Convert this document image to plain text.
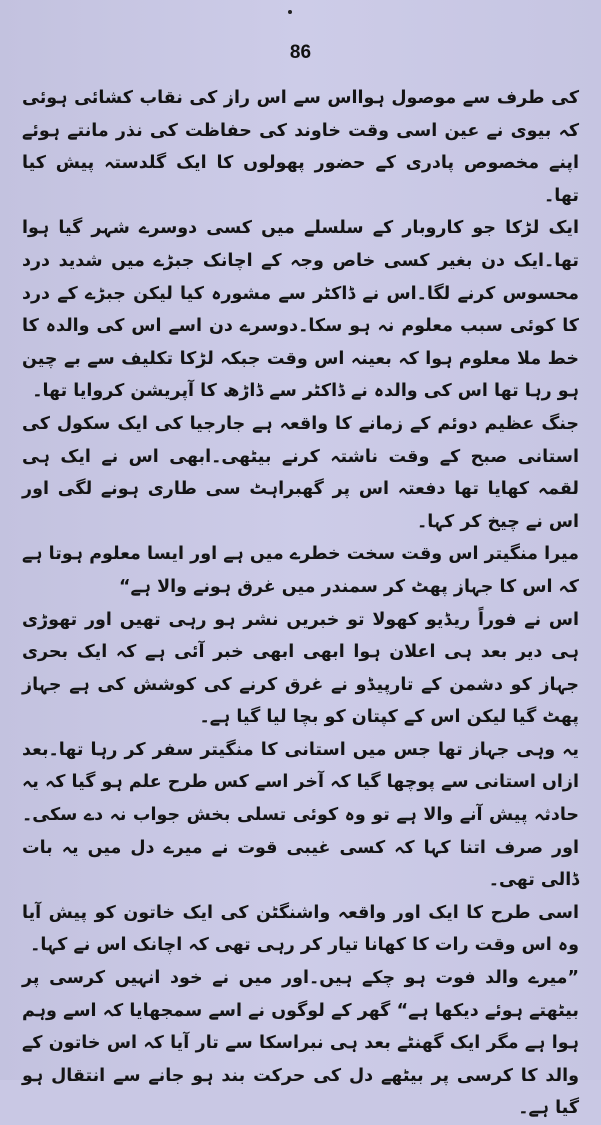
86

کی طرف سے موصول ہوااس سے اس راز کی نقاب کشائی ہوئی کہ بیوی نے عین اسی وقت خاوند کی حفاظت کی نذر مانتے ہوئے اپنے مخصوص پادری کے حضور پھولوں کا ایک گلدستہ پیش کیا تھا۔

ایک لڑکا جو کاروبار کے سلسلے میں کسی دوسرے شہر گیا ہوا تھا۔ایک دن بغیر کسی خاص وجہ کے اچانک جبڑے میں شدید درد محسوس کرنے لگا۔اس نے ڈاکٹر سے مشورہ کیا لیکن جبڑے کے درد کا کوئی سبب معلوم نہ ہو سکا۔دوسرے دن اسے اس کی والدہ کا خط ملا معلوم ہوا کہ بعینہ اس وقت جبکہ لڑکا تکلیف سے بے چین ہو رہا تھا اس کی والدہ نے ڈاکٹر سے ڈاڑھ کا آپریشن کروایا تھا۔

جنگ عظیم دوئم کے زمانے کا واقعہ ہے جارجیا کی ایک سکول کی استانی صبح کے وقت ناشتہ کرنے بیٹھی۔ابھی اس نے ایک ہی لقمہ کھایا تھا دفعتہ اس پر گھبراہٹ سی طاری ہونے لگی اور اس نے چیخ کر کہا۔

میرا منگیتر اس وقت سخت خطرے میں ہے اور ایسا معلوم ہوتا ہے کہ اس کا جہاز پھٹ کر سمندر میں غرق ہونے والا ہے“

اس نے فوراً ریڈیو کھولا تو خبریں نشر ہو رہی تھیں اور تھوڑی ہی دیر بعد ہی اعلان ہوا ابھی ابھی خبر آئی ہے کہ ایک بحری جہاز کو دشمن کے تارپیڈو نے غرق کرنے کی کوشش کی ہے جہاز پھٹ گیا لیکن اس کے کپتان کو بچا لیا گیا ہے۔

یہ وہی جہاز تھا جس میں استانی کا منگیتر سفر کر رہا تھا۔بعد ازاں استانی سے پوچھا گیا کہ آخر اسے کس طرح علم ہو گیا کہ یہ حادثہ پیش آنے والا ہے تو وہ کوئی تسلی بخش جواب نہ دے سکی۔اور صرف اتنا کہا کہ کسی غیبی قوت نے میرے دل میں یہ بات ڈالی تھی۔

اسی طرح کا ایک اور واقعہ واشنگٹن کی ایک خاتون کو پیش آیا وہ اس وقت رات کا کھانا تیار کر رہی تھی کہ اچانک اس نے کہا۔

”میرے والد فوت ہو چکے ہیں۔اور میں نے خود انہیں کرسی پر بیٹھتے ہوئے دیکھا ہے“ گھر کے لوگوں نے اسے سمجھایا کہ اسے وہم ہوا ہے مگر ایک گھنٹے بعد ہی نبراسکا سے تار آیا کہ اس خاتون کے والد کا کرسی پر بیٹھے دل کی حرکت بند ہو جانے سے انتقال ہو گیا ہے۔
